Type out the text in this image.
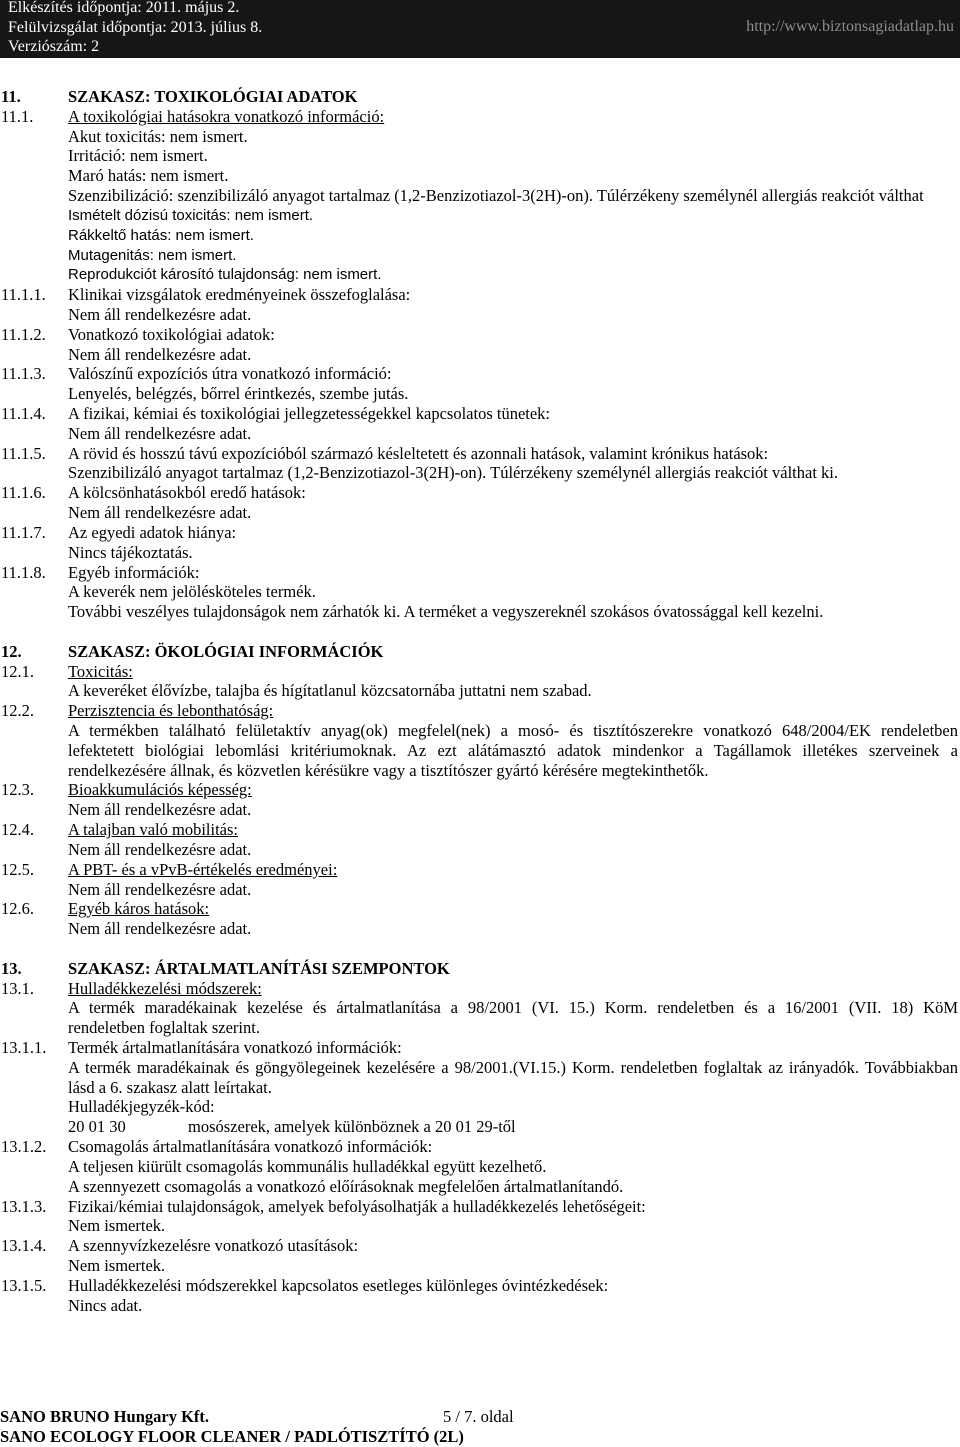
Elkészítés időpontja: 2011. május 2.
Felülvizsgálat időpontja: 2013. július 8.
Verziószám: 2
http://www.biztonsagiadatlap.hu
11.	SZAKASZ: TOXIKOLÓGIAI ADATOK
11.1. A toxikológiai hatásokra vonatkozó információ:
Akut toxicitás: nem ismert.
Irritáció: nem ismert.
Maró hatás: nem ismert.
Szenzibilizáció: szenzibilizáló anyagot tartalmaz (1,2-Benzizotiazol-3(2H)-on). Túlérzékeny személynél allergiás reakciót válthat
Ismételt dózisú toxicitás: nem ismert.
Rákkeltő hatás: nem ismert.
Mutagenitás: nem ismert.
Reprodukciót károsító tulajdonság: nem ismert.
11.1.1. Klinikai vizsgálatok eredményeinek összefoglalása:
Nem áll rendelkezésre adat.
11.1.2. Vonatkozó toxikológiai adatok:
Nem áll rendelkezésre adat.
11.1.3. Valószínű expozíciós útra vonatkozó információ:
Lenyelés, belégzés, bőrrel érintkezés, szembe jutás.
11.1.4. A fizikai, kémiai és toxikológiai jellegzetességekkel kapcsolatos tünetek:
Nem áll rendelkezésre adat.
11.1.5. A rövid és hosszú távú expozícióból származó késleltetett és azonnali hatások, valamint krónikus hatások:
Szenzibilizáló anyagot tartalmaz (1,2-Benzizotiazol-3(2H)-on). Túlérzékeny személynél allergiás reakciót válthat ki.
11.1.6. A kölcsönhatásokból eredő hatások:
Nem áll rendelkezésre adat.
11.1.7. Az egyedi adatok hiánya:
Nincs tájékoztatás.
11.1.8. Egyéb információk:
A keverék nem jelölésköteles termék.
További veszélyes tulajdonságok nem zárhatók ki. A terméket a vegyszereknél szokásos óvatossággal kell kezelni.
12.	SZAKASZ: ÖKOLÓGIAI INFORMÁCIÓK
12.1. Toxicitás:
A keveréket élővízbe, talajba és hígítatlanul közcsatornába juttatni nem szabad.
12.2. Perzisztencia és lebonthatóság:
A termékben található felületaktív anyag(ok) megfelel(nek) a mosó- és tisztítószerekre vonatkozó 648/2004/EK rendeletben
lefektetett biológiai lebomlási kritériumoknak. Az ezt alátámasztó adatok mindenkor a Tagállamok illetékes szerveinek a
rendelkezésére állnak, és közvetlen kérésükre vagy a tisztítószer gyártó kérésére megtekinthetők.
12.3. Bioakkumulációs képesség:
Nem áll rendelkezésre adat.
12.4. A talajban való mobilitás:
Nem áll rendelkezésre adat.
12.5. A PBT- és a vPvB-értékelés eredményei:
Nem áll rendelkezésre adat.
12.6. Egyéb káros hatások:
Nem áll rendelkezésre adat.
13.	SZAKASZ: ÁRTALMATLANÍTÁSI SZEMPONTOK
13.1. Hulladékkezelési módszerek:
A termék maradékainak kezelése és ártalmatlanítása a 98/2001 (VI. 15.) Korm. rendeletben és a 16/2001 (VII. 18) KöM
rendeletben foglaltak szerint.
13.1.1. Termék ártalmatlanítására vonatkozó információk:
A termék maradékainak és göngyölegeinek kezelésére a 98/2001.(VI.15.) Korm. rendeletben foglaltak az irányadók. Továbbiakban
lásd a 6. szakasz alatt leírtakat.
Hulladékjegyzék-kód:
20 01 30	mosószerek, amelyek különböznek a 20 01 29-től
13.1.2. Csomagolás ártalmatlanítására vonatkozó információk:
A teljesen kiürült csomagolás kommunális hulladékkal együtt kezelhető.
A szennyezett csomagolás a vonatkozó előírásoknak megfelelően ártalmatlanítandó.
13.1.3. Fizikai/kémiai tulajdonságok, amelyek befolyásolhatják a hulladékkezelés lehetőségeit:
Nem ismertek.
13.1.4. A szennyvízkezelésre vonatkozó utasítások:
Nem ismertek.
13.1.5. Hulladékkezelési módszerekkel kapcsolatos esetleges különleges óvintézkedések:
Nincs adat.
SANO BRUNO Hungary Kft.	5 / 7. oldal
SANO ECOLOGY FLOOR CLEANER / PADLÓTISZTÍTÓ (2L)
